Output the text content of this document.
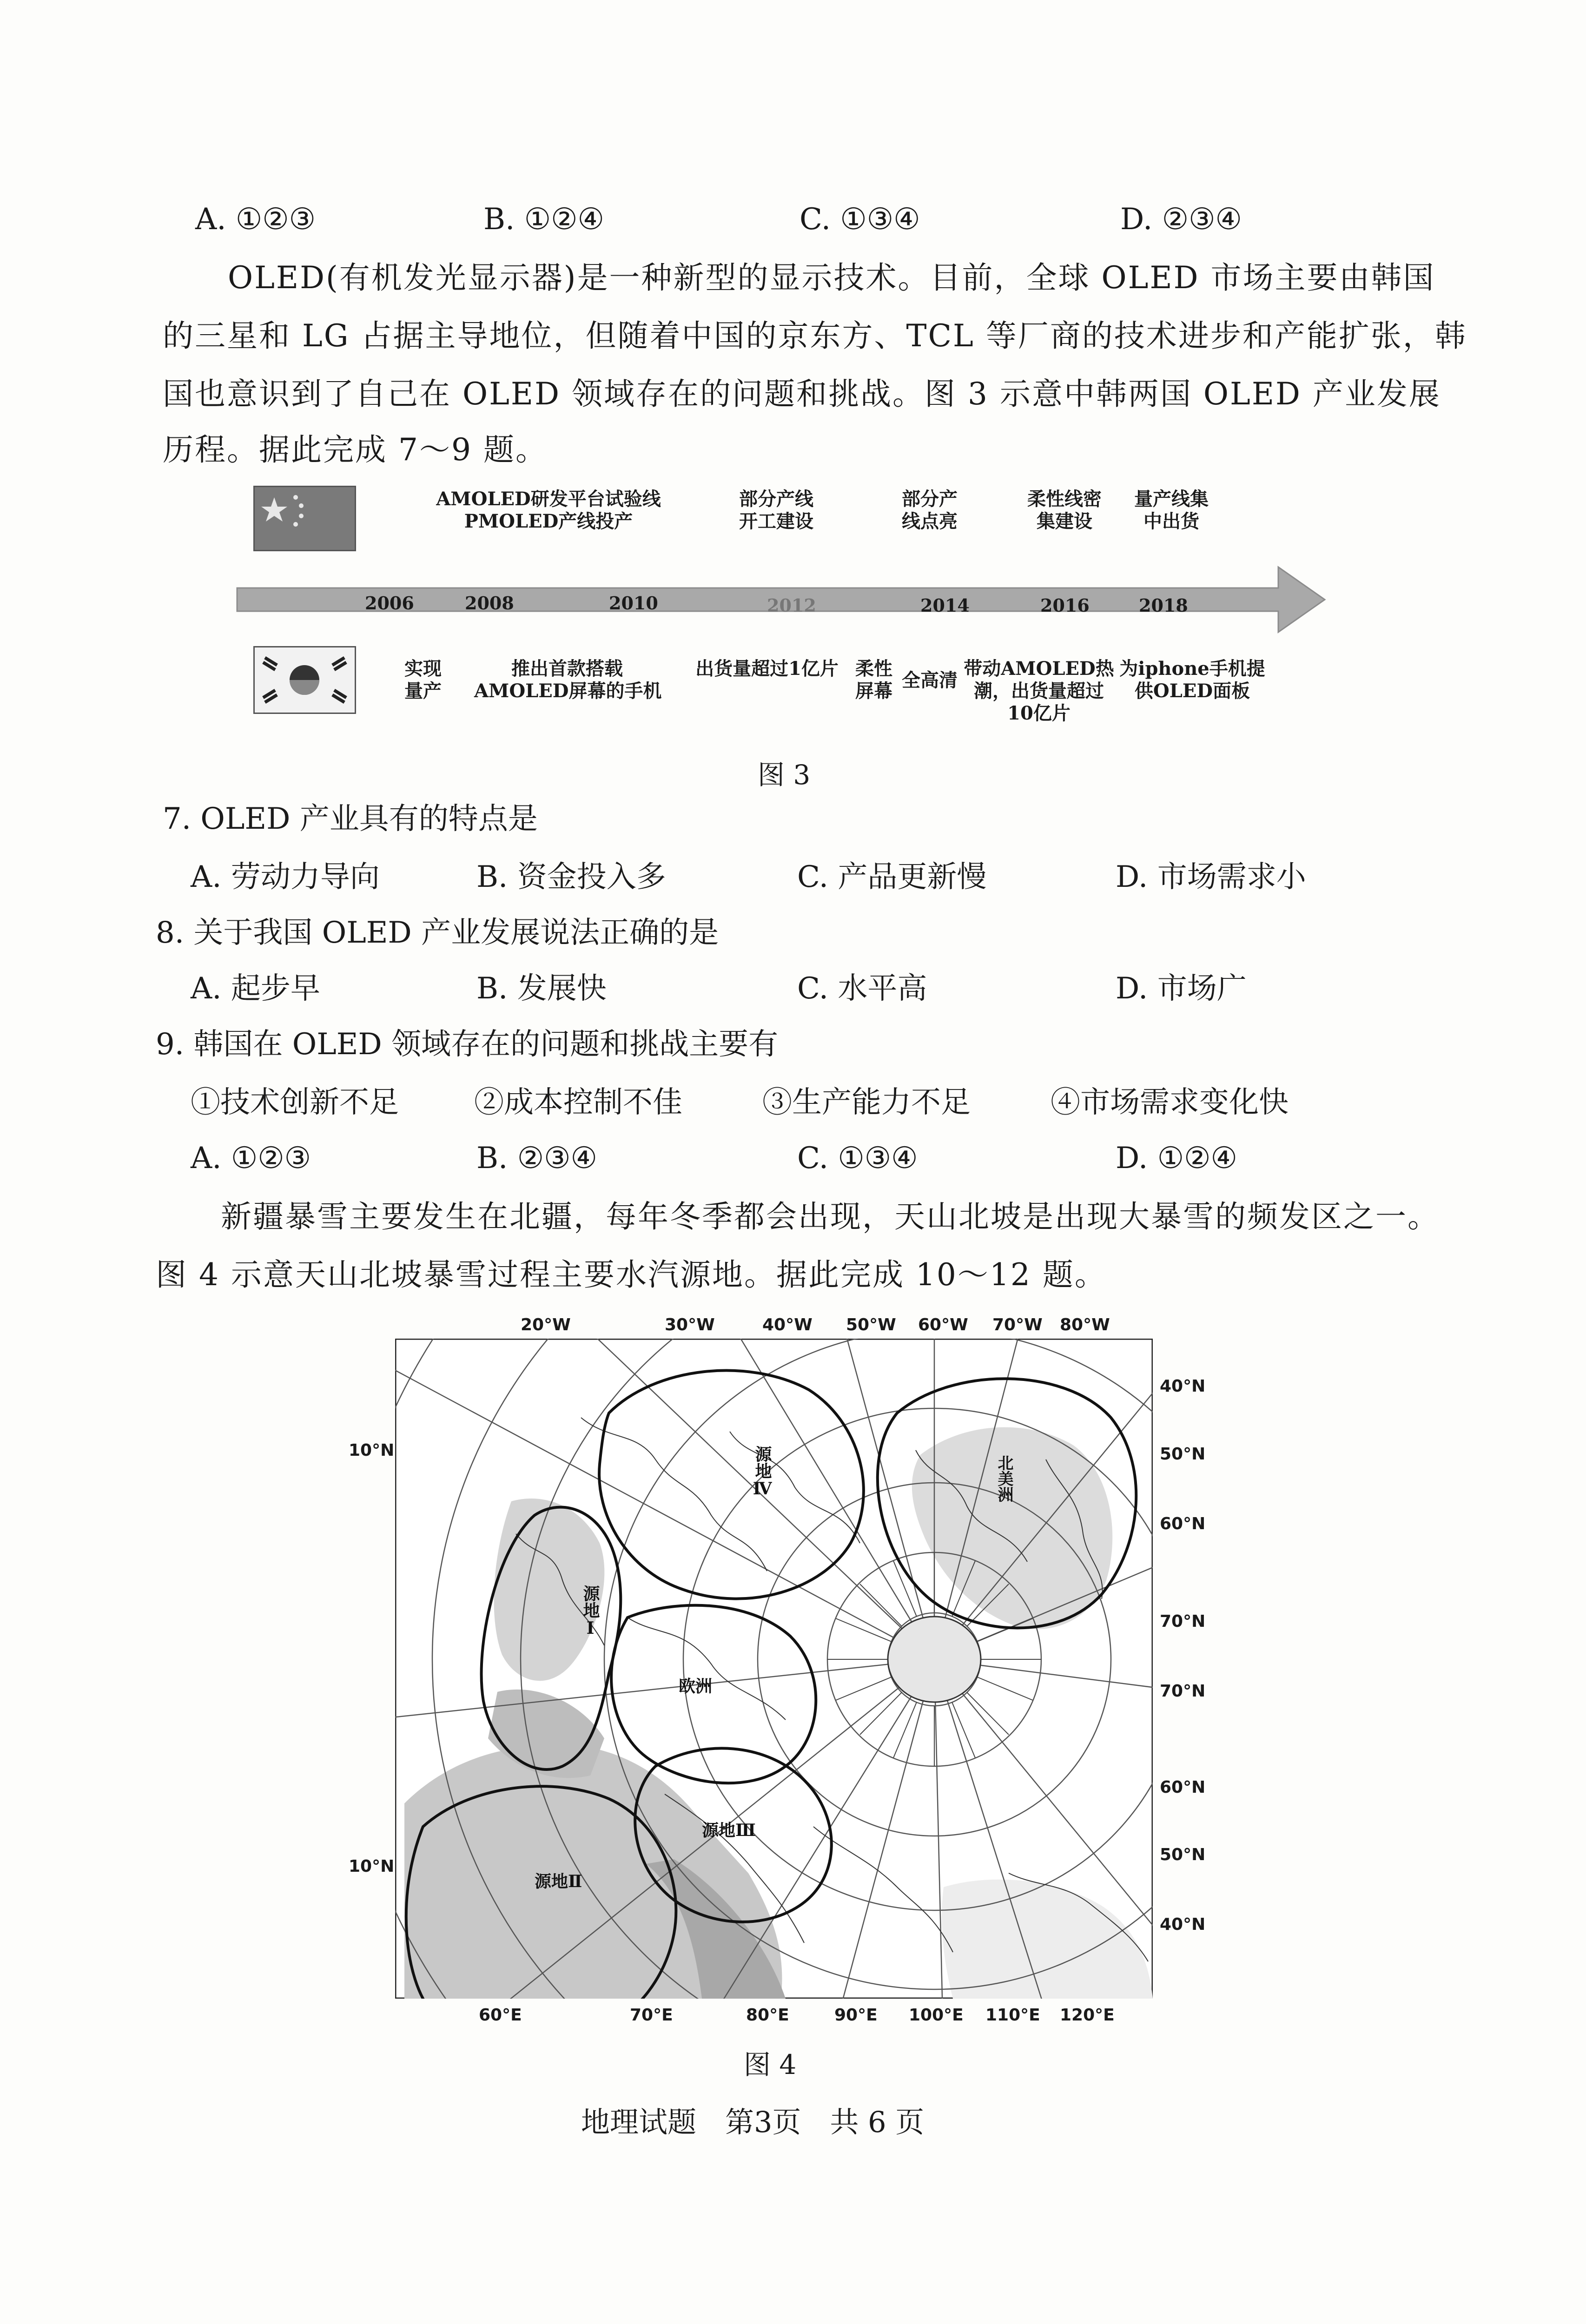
A. ①②③	B. ①②④	C. ①③④	D. ②③④
OLED(有机发光显示器)是一种新型的显示技术。目前，全球 OLED 市场主要由韩国
的三星和 LG 占据主导地位，但随着中国的京东方、TCL 等厂商的技术进步和产能扩张，韩
国也意识到了自己在 OLED 领域存在的问题和挑战。图 3 示意中韩两国 OLED 产业发展
历程。据此完成 7～9 题。
AMOLED研发平台试验线
PMOLED产线投产
部分产线
开工建设
部分产
线点亮
柔性线密
集建设
量产线集
中出货
2006	2008	2010	2012	2014	2016	2018
实现
量产
推出首款搭载
AMOLED屏幕的手机
出货量超过1亿片 柔性
屏幕 全高清
带动AMOLED热
潮，出货量超过
10亿片
为iphone手机提
供OLED面板
图 3
7. OLED 产业具有的特点是
A. 劳动力导向	B. 资金投入多	C. 产品更新慢	D. 市场需求小
8. 关于我国 OLED 产业发展说法正确的是
A. 起步早	B. 发展快	C. 水平高	D. 市场广
9. 韩国在 OLED 领域存在的问题和挑战主要有
①技术创新不足	②成本控制不佳	③生产能力不足	④市场需求变化快
A. ①②③	B. ②③④	C. ①③④	D. ①②④
新疆暴雪主要发生在北疆，每年冬季都会出现，天山北坡是出现大暴雪的频发区之一。
图 4 示意天山北坡暴雪过程主要水汽源地。据此完成 10～12 题。
20°W	30°W	40°W 50°W 60°W 70°W 80°W
10°N
10°N
40°N
50°N
60°N
70°N
70°N
60°N
50°N
40°N
源地Ⅳ
源地Ⅰ
北美洲
欧洲
源地Ⅲ
源地Ⅱ
60°E	70°E	80°E	90°E 100°E 110°E 120°E
图 4
地理试题　第3页　共 6 页
